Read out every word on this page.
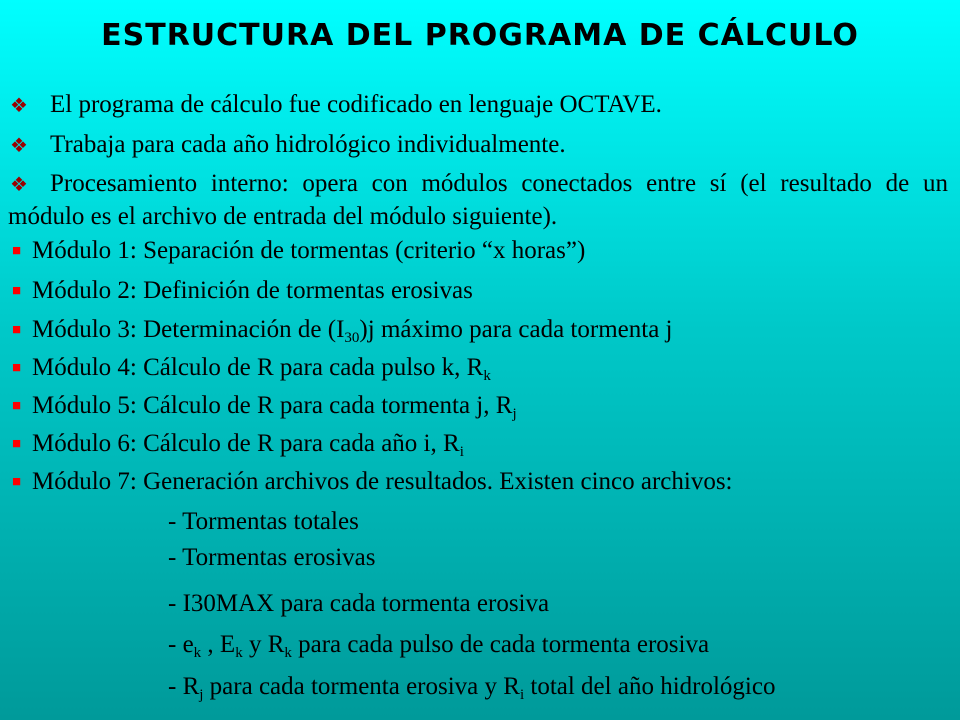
ESTRUCTURA DEL PROGRAMA DE CÁLCULO
❖ El programa de cálculo fue codificado en lenguaje OCTAVE.
❖ Trabaja para cada año hidrológico individualmente.
❖ Procesamiento interno: opera con módulos conectados entre sí (el resultado de un módulo es el archivo de entrada del módulo siguiente).
■ Módulo 1: Separación de tormentas (criterio “x horas”)
■ Módulo 2: Definición de tormentas erosivas
■ Módulo 3: Determinación de $(I_{30})j$ máximo para cada tormenta j
■ Módulo 4: Cálculo de R para cada pulso k, $R_k$
■ Módulo 5: Cálculo de R para cada tormenta j, $R_j$
■ Módulo 6: Cálculo de R para cada año i, $R_i$
■ Módulo 7: Generación archivos de resultados. Existen cinco archivos:
- Tormentas totales
- Tormentas erosivas
- I30MAX para cada tormenta erosiva
- $e_k$ , $E_k$ y $R_k$ para cada pulso de cada tormenta erosiva
- $R_j$ para cada tormenta erosiva y $R_i$ total del año hidrológico
